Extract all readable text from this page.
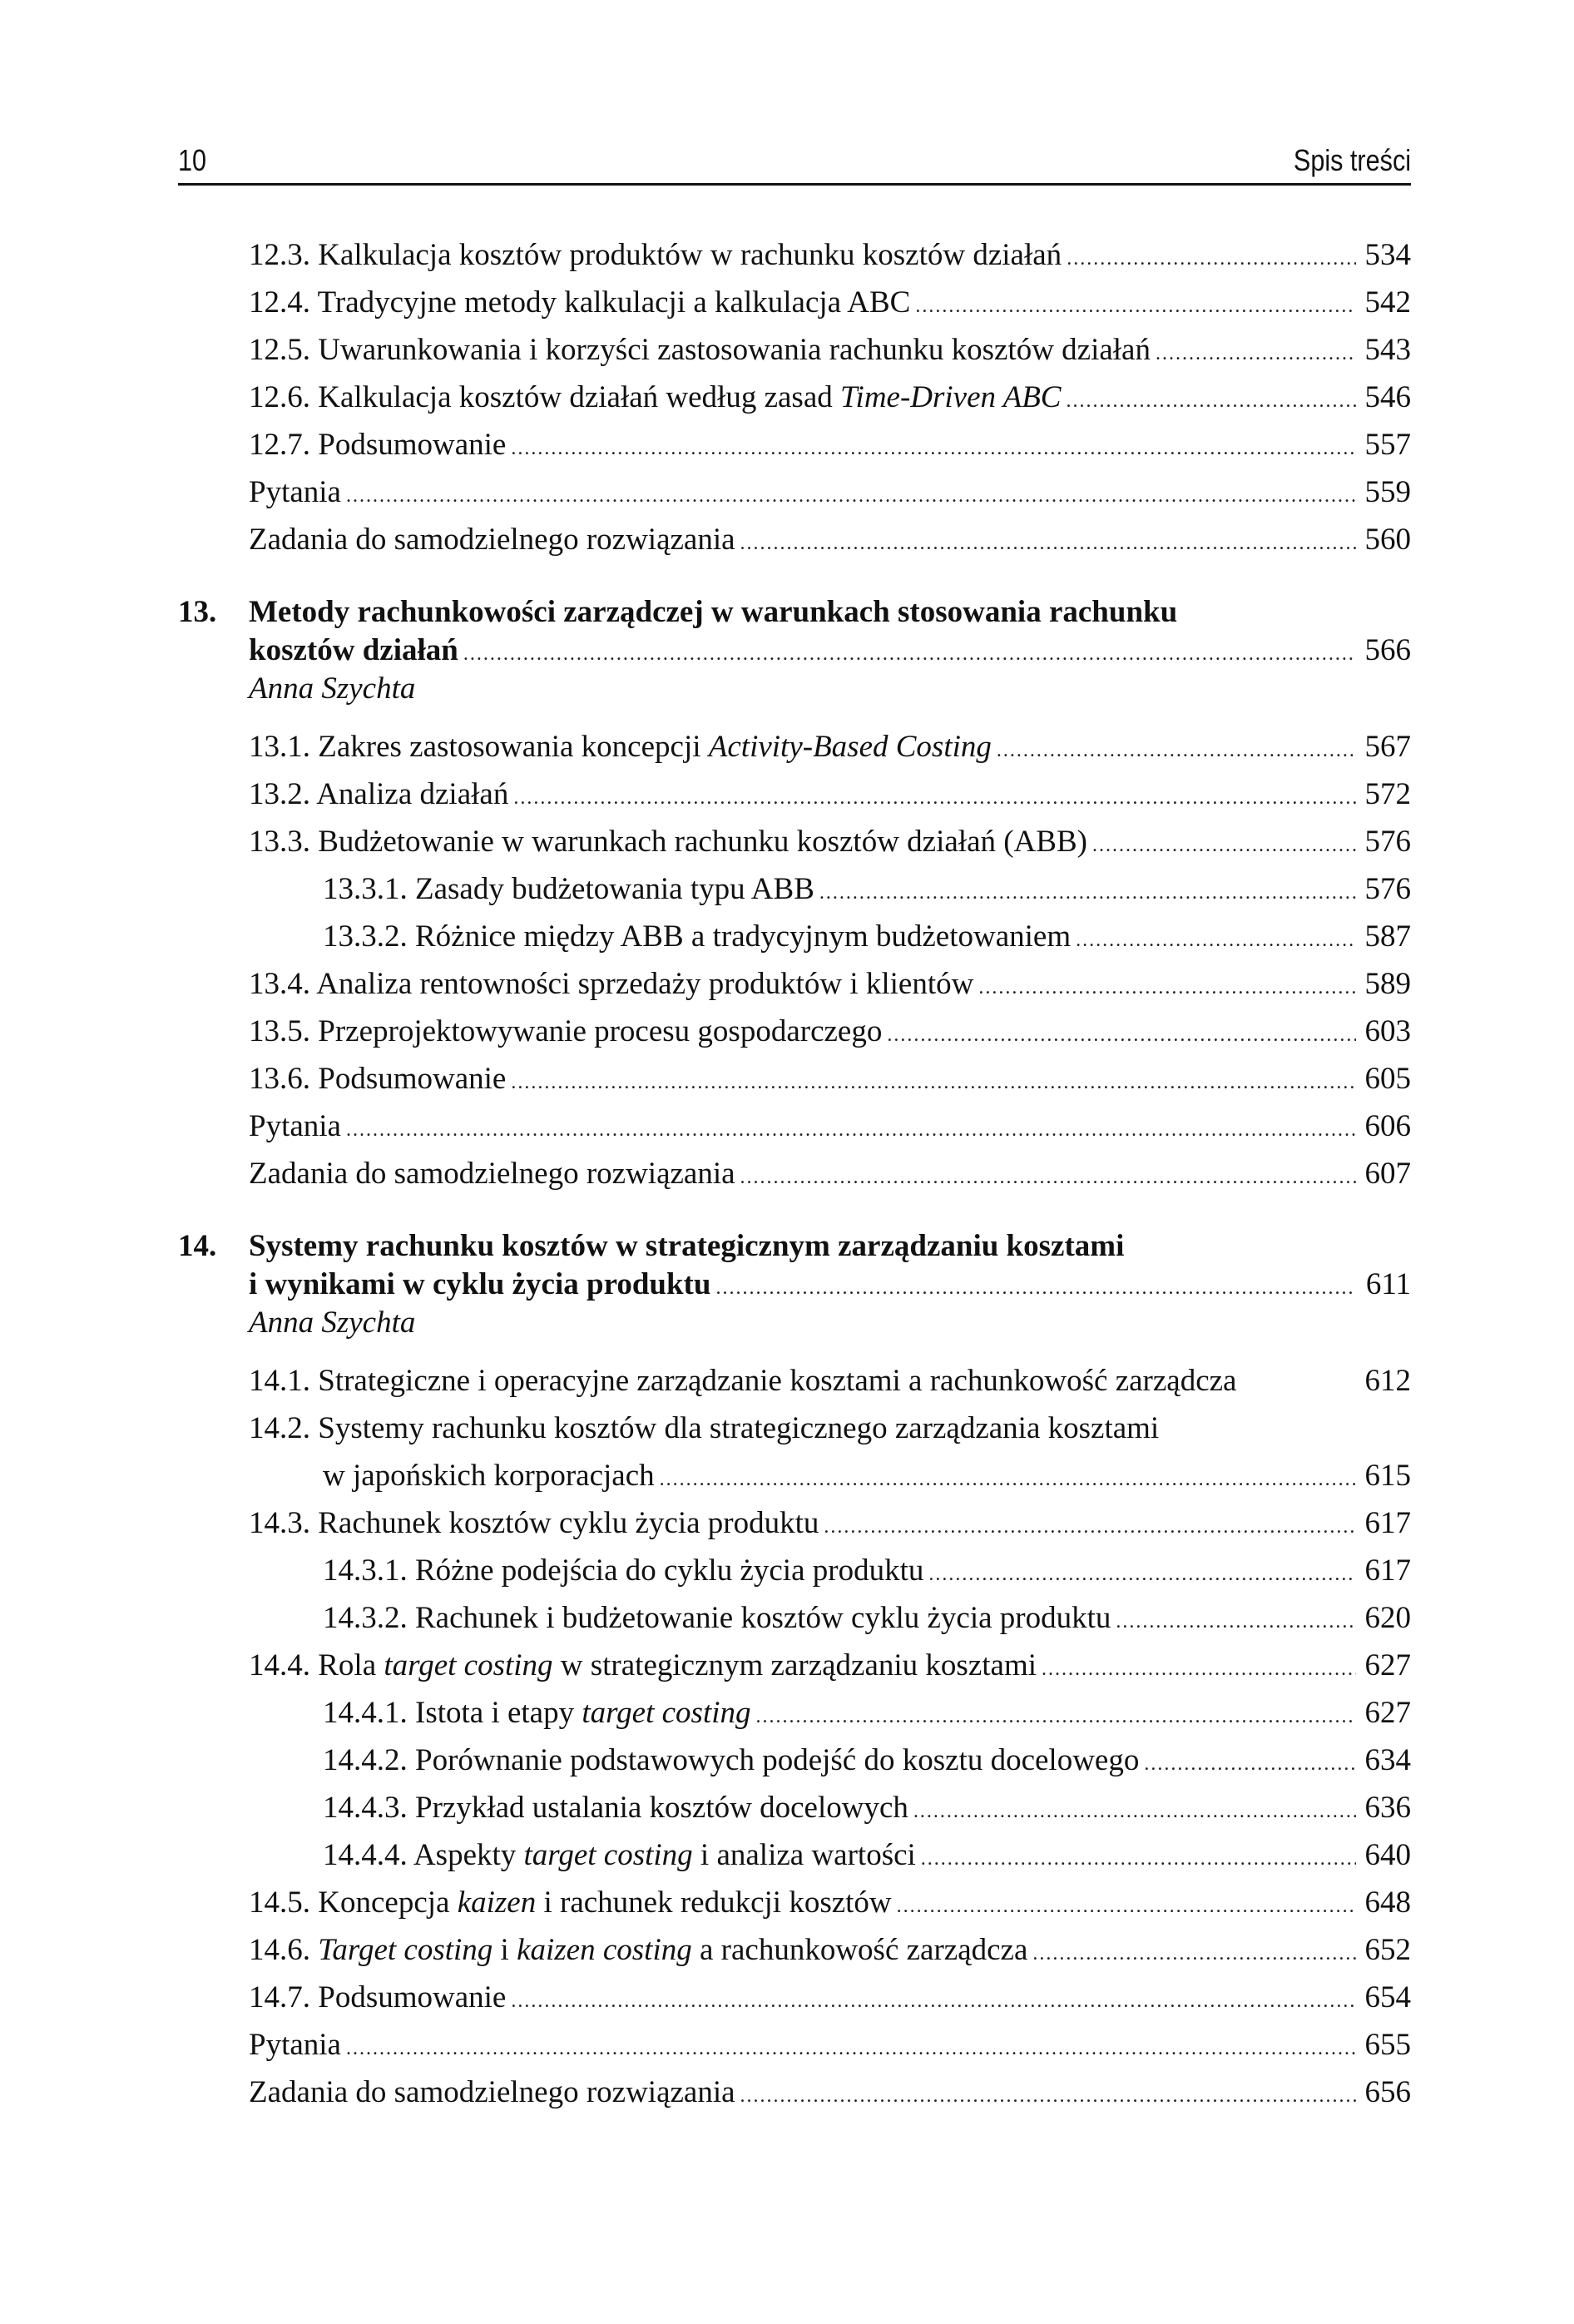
10	Spis treści
12.3. Kalkulacja kosztów produktów w rachunku kosztów działań .....	534
12.4. Tradycyjne metody kalkulacji a kalkulacja ABC .....	542
12.5. Uwarunkowania i korzyści zastosowania rachunku kosztów działań .....	543
12.6. Kalkulacja kosztów działań według zasad Time-Driven ABC .....	546
12.7. Podsumowanie .....	557
Pytania .....	559
Zadania do samodzielnego rozwiązania .....	560
13. Metody rachunkowości zarządczej w warunkach stosowania rachunku
kosztów działań .....	566
Anna Szychta
13.1. Zakres zastosowania koncepcji Activity-Based Costing .....	567
13.2. Analiza działań .....	572
13.3. Budżetowanie w warunkach rachunku kosztów działań (ABB) .....	576
13.3.1. Zasady budżetowania typu ABB .....	576
13.3.2. Różnice między ABB a tradycyjnym budżetowaniem .....	587
13.4. Analiza rentowności sprzedaży produktów i klientów .....	589
13.5. Przeprojektowywanie procesu gospodarczego .....	603
13.6. Podsumowanie .....	605
Pytania .....	606
Zadania do samodzielnego rozwiązania .....	607
14. Systemy rachunku kosztów w strategicznym zarządzaniu kosztami
i wynikami w cyklu życia produktu .....	611
Anna Szychta
14.1. Strategiczne i operacyjne zarządzanie kosztami a rachunkowość zarządcza	612
14.2. Systemy rachunku kosztów dla strategicznego zarządzania kosztami
w japońskich korporacjach .....	615
14.3. Rachunek kosztów cyklu życia produktu .....	617
14.3.1. Różne podejścia do cyklu życia produktu .....	617
14.3.2. Rachunek i budżetowanie kosztów cyklu życia produktu .....	620
14.4. Rola target costing w strategicznym zarządzaniu kosztami .....	627
14.4.1. Istota i etapy target costing .....	627
14.4.2. Porównanie podstawowych podejść do kosztu docelowego .....	634
14.4.3. Przykład ustalania kosztów docelowych .....	636
14.4.4. Aspekty target costing i analiza wartości .....	640
14.5. Koncepcja kaizen i rachunek redukcji kosztów .....	648
14.6. Target costing i kaizen costing a rachunkowość zarządcza .....	652
14.7. Podsumowanie .....	654
Pytania .....	655
Zadania do samodzielnego rozwiązania .....	656
